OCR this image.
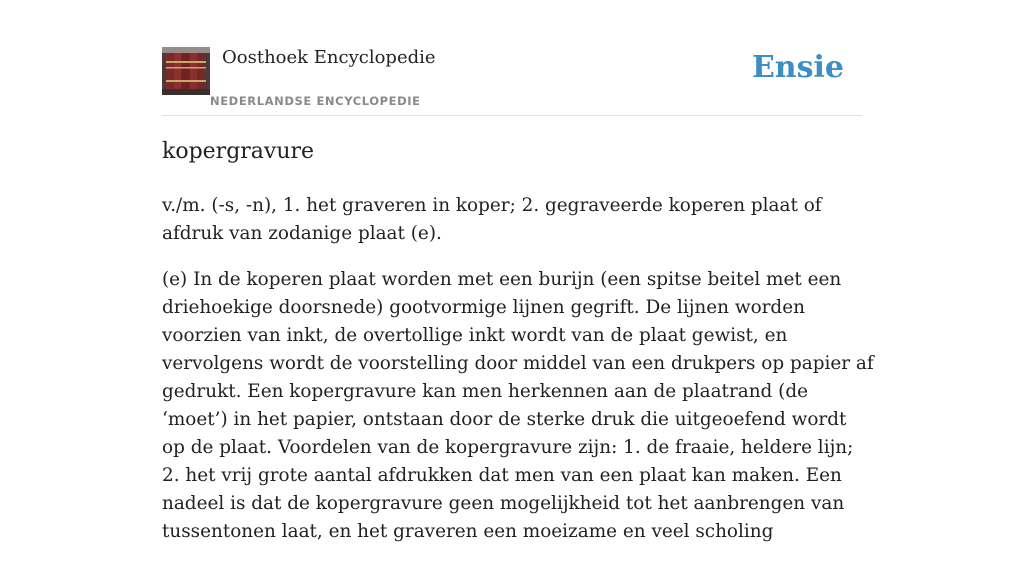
Oosthoek Encyclopedie
NEDERLANDSE ENCYCLOPEDIE
Ensie
kopergravure

v./m. (-s, -n), 1. het graveren in koper; 2. gegraveerde koperen plaat of afdruk van zodanige plaat (e).

(e) In de koperen plaat worden met een burijn (een spitse beitel met een driehoekige doorsnede) gootvormige lijnen gegrift. De lijnen worden voorzien van inkt, de overtollige inkt wordt van de plaat gewist, en vervolgens wordt de voorstelling door middel van een drukpers op papier af gedrukt. Een kopergravure kan men herkennen aan de plaatrand (de ‘moet’) in het papier, ontstaan door de sterke druk die uitgeoefend wordt op de plaat. Voordelen van de kopergravure zijn: 1. de fraaie, heldere lijn; 2. het vrij grote aantal afdrukken dat men van een plaat kan maken. Een nadeel is dat de kopergravure geen mogelijkheid tot het aanbrengen van tussentonen laat, en het graveren een moeizame en veel scholing
